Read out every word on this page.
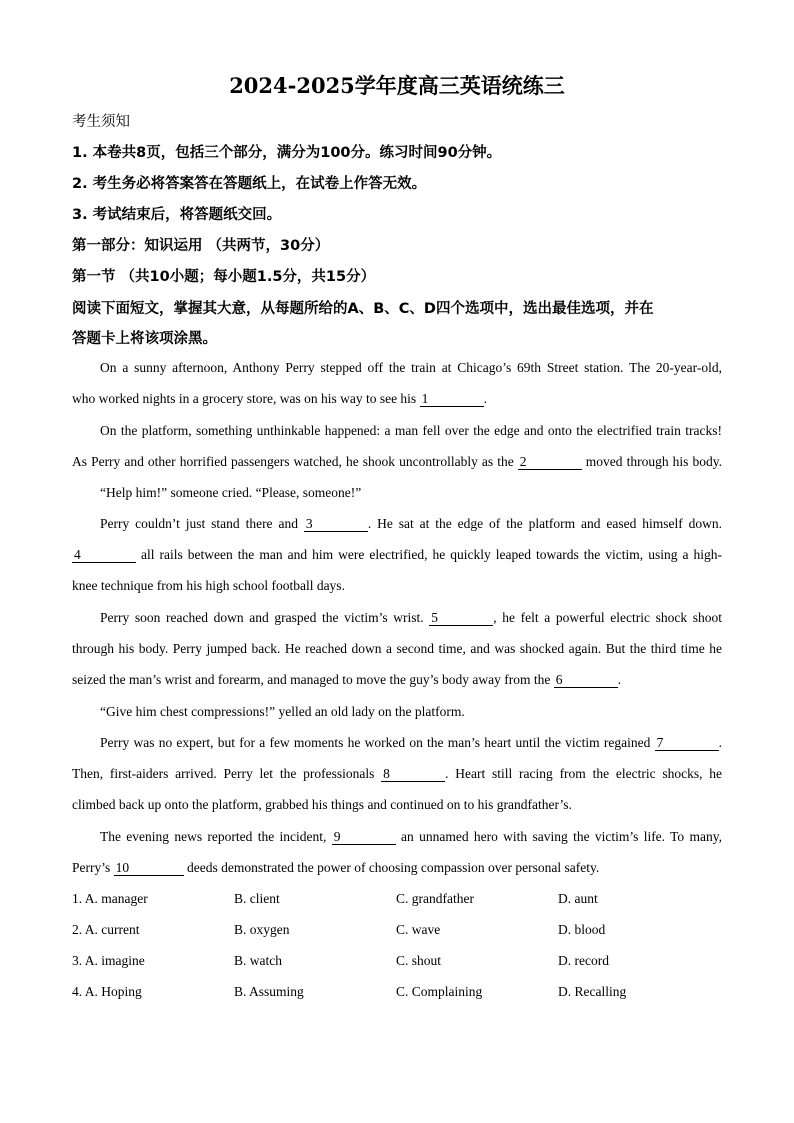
2024-2025学年度高三英语统练三
考生须知
1. 本卷共8页，包括三个部分，满分为100分。练习时间90分钟。
2. 考生务必将答案答在答题纸上，在试卷上作答无效。
3. 考试结束后，将答题纸交回。
第一部分：知识运用 （共两节，30分）
第一节 （共10小题；每小题1.5分，共15分）
阅读下面短文，掌握其大意，从每题所给的A、B、C、D四个选项中，选出最佳选项，并在
答题卡上将该项涂黑。
On a sunny afternoon, Anthony Perry stepped off the train at Chicago’s 69th Street station. The 20-year-old,
who worked nights in a grocery store, was on his way to see his 1	.
On the platform, something unthinkable happened: a man fell over the edge and onto the electrified train tracks!
As Perry and other horrified passengers watched, he shook uncontrollably as the 2	moved through his body.
“Help him!” someone cried. “Please, someone!”
Perry couldn’t just stand there and 3	. He sat at the edge of the platform and eased himself down.
4	all rails between the man and him were electrified, he quickly leaped towards the victim, using a high-
knee technique from his high school football days.
Perry soon reached down and grasped the victim’s wrist. 5	, he felt a powerful electric shock shoot
through his body. Perry jumped back. He reached down a second time, and was shocked again. But the third time he
seized the man’s wrist and forearm, and managed to move the guy’s body away from the 6	.
“Give him chest compressions!” yelled an old lady on the platform.
Perry was no expert, but for a few moments he worked on the man’s heart until the victim regained 7	.
Then, first-aiders arrived. Perry let the professionals 8	. Heart still racing from the electric shocks, he
climbed back up onto the platform, grabbed his things and continued on to his grandfather’s.
The evening news reported the incident, 9	an unnamed hero with saving the victim’s life. To many,
Perry’s 10	deeds demonstrated the power of choosing compassion over personal safety.
1. A. manager	B. client	C. grandfather	D. aunt
2. A. current	B. oxygen	C. wave	D. blood
3. A. imagine	B. watch	C. shout	D. record
4. A. Hoping	B. Assuming	C. Complaining	D. Recalling
